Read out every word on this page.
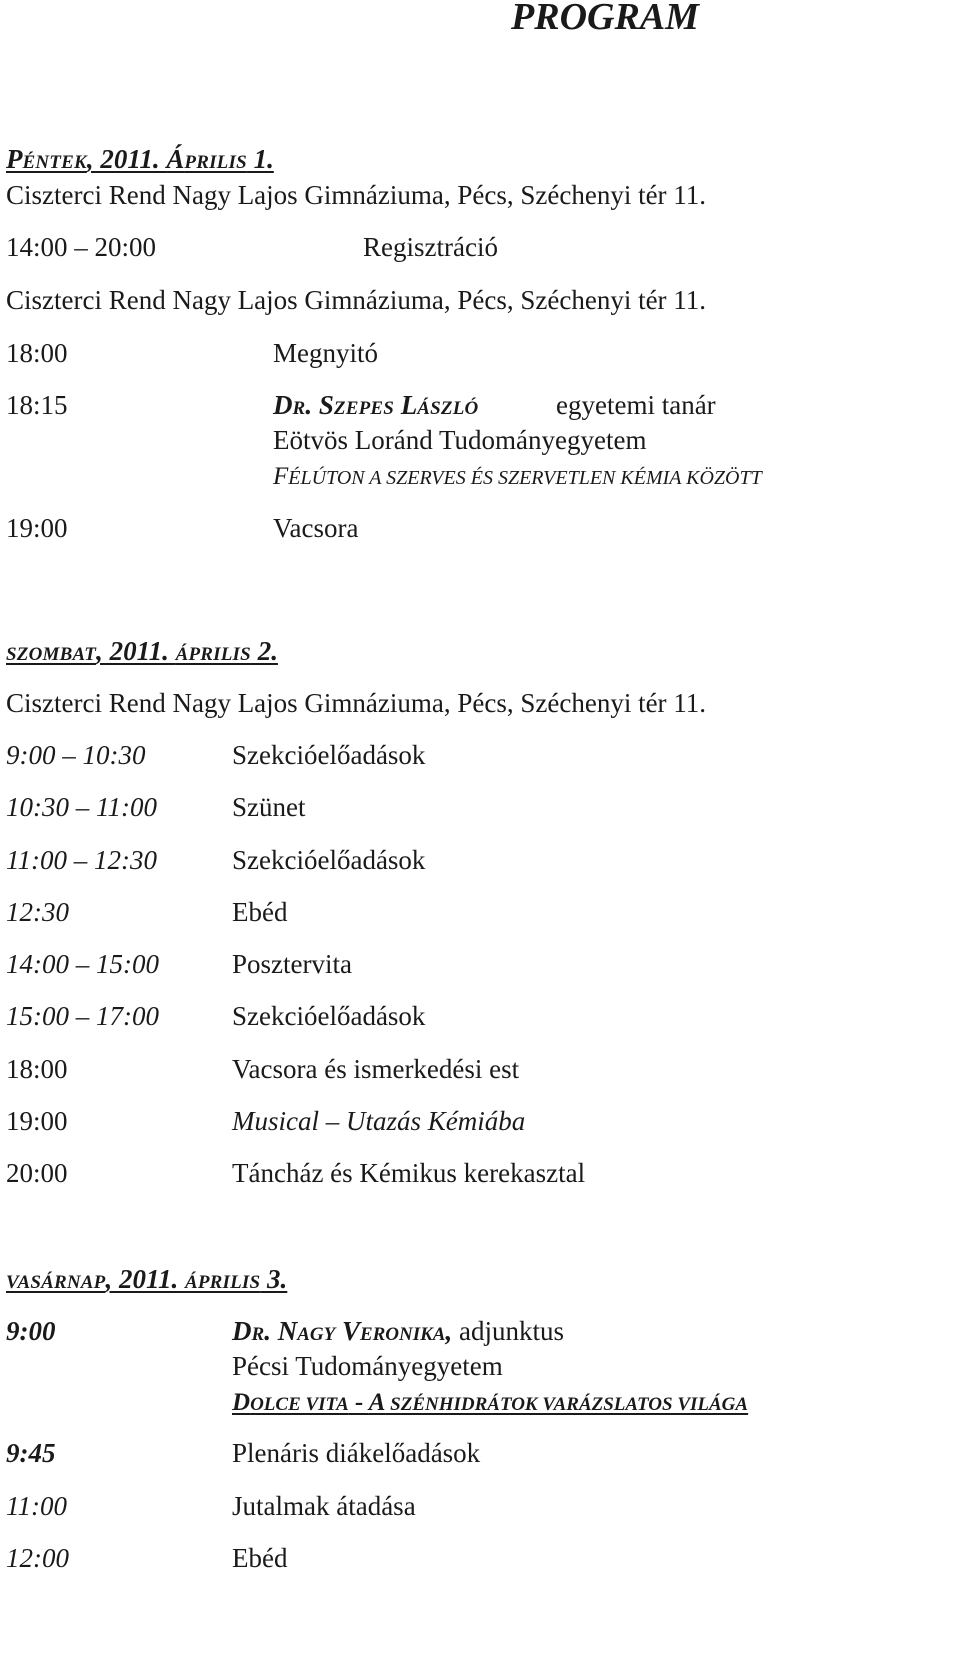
PROGRAM
PÉNTEK, 2011. ÁPRILIS 1.
Ciszterci Rend Nagy Lajos Gimnáziuma, Pécs, Széchenyi tér 11.
14:00 – 20:00	Regisztráció
Ciszterci Rend Nagy Lajos Gimnáziuma, Pécs, Széchenyi tér 11.
18:00	Megnyitó
18:15	DR. SZEPES LÁSZLÓ	egyetemi tanár
Eötvös Loránd Tudományegyetem
FÉLÚTON A SZERVES ÉS SZERVETLEN KÉMIA KÖZÖTT
19:00	Vacsora
SZOMBAT, 2011. ÁPRILIS 2.
Ciszterci Rend Nagy Lajos Gimnáziuma, Pécs, Széchenyi tér 11.
9:00 – 10:30	Szekcióelőadások
10:30 – 11:00	Szünet
11:00 – 12:30	Szekcióelőadások
12:30	Ebéd
14:00 – 15:00	Posztervita
15:00 – 17:00	Szekcióelőadások
18:00	Vacsora és ismerkedési est
19:00	Musical – Utazás Kémiába
20:00	Táncház és Kémikus kerekasztal
VASÁRNAP, 2011. ÁPRILIS 3.
9:00	DR. NAGY VERONIKA, adjunktus
Pécsi Tudományegyetem
DOLCE VITA - A SZÉNHIDRÁTOK VARÁZSLATOS VILÁGA
9:45	Plenáris diákelőadások
11:00	Jutalmak átadása
12:00	Ebéd
